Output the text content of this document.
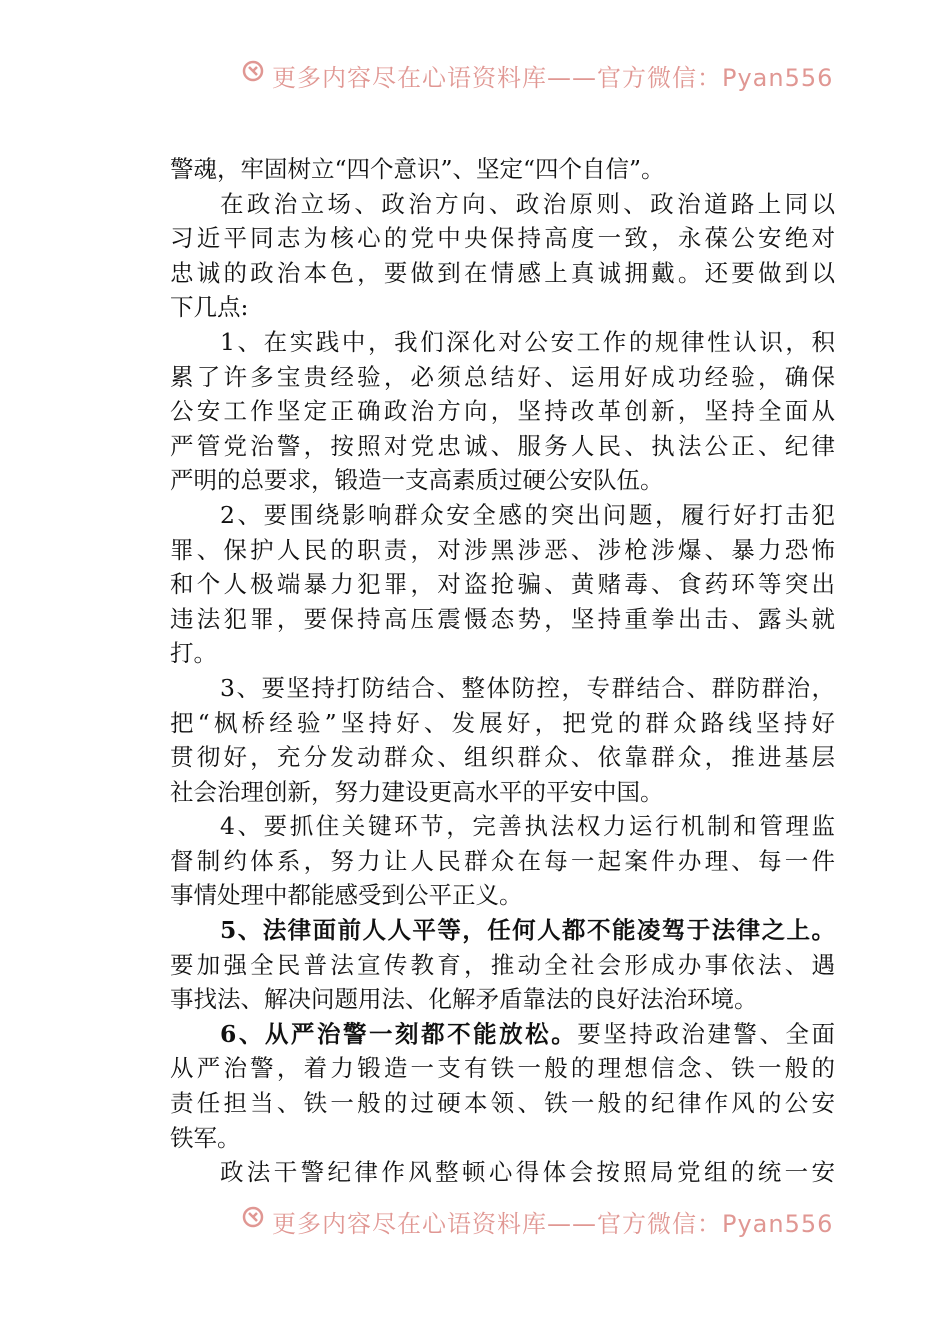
更多内容尽在心语资料库——官方微信：Pyan556
警魂，牢固树立“四个意识”、坚定“四个自信”。
在政治立场、政治方向、政治原则、政治道路上同以
习近平同志为核心的党中央保持高度一致，永葆公安绝对
忠诚的政治本色，要做到在情感上真诚拥戴。还要做到以
下几点:
1、在实践中，我们深化对公安工作的规律性认识，积
累了许多宝贵经验，必须总结好、运用好成功经验，确保
公安工作坚定正确政治方向，坚持改革创新，坚持全面从
严管党治警，按照对党忠诚、服务人民、执法公正、纪律
严明的总要求，锻造一支高素质过硬公安队伍。
2、要围绕影响群众安全感的突出问题，履行好打击犯
罪、保护人民的职责，对涉黑涉恶、涉枪涉爆、暴力恐怖
和个人极端暴力犯罪，对盗抢骗、黄赌毒、食药环等突出
违法犯罪，要保持高压震慑态势，坚持重拳出击、露头就
打。
3、要坚持打防结合、整体防控，专群结合、群防群治，
把“枫桥经验”坚持好、发展好，把党的群众路线坚持好
贯彻好，充分发动群众、组织群众、依靠群众，推进基层
社会治理创新，努力建设更高水平的平安中国。
4、要抓住关键环节，完善执法权力运行机制和管理监
督制约体系，努力让人民群众在每一起案件办理、每一件
事情处理中都能感受到公平正义。
5、法律面前人人平等，任何人都不能凌驾于法律之上。
要加强全民普法宣传教育，推动全社会形成办事依法、遇
事找法、解决问题用法、化解矛盾靠法的良好法治环境。
6、从严治警一刻都不能放松。要坚持政治建警、全面
从严治警，着力锻造一支有铁一般的理想信念、铁一般的
责任担当、铁一般的过硬本领、铁一般的纪律作风的公安
铁军。
政法干警纪律作风整顿心得体会按照局党组的统一安
更多内容尽在心语资料库——官方微信：Pyan556
